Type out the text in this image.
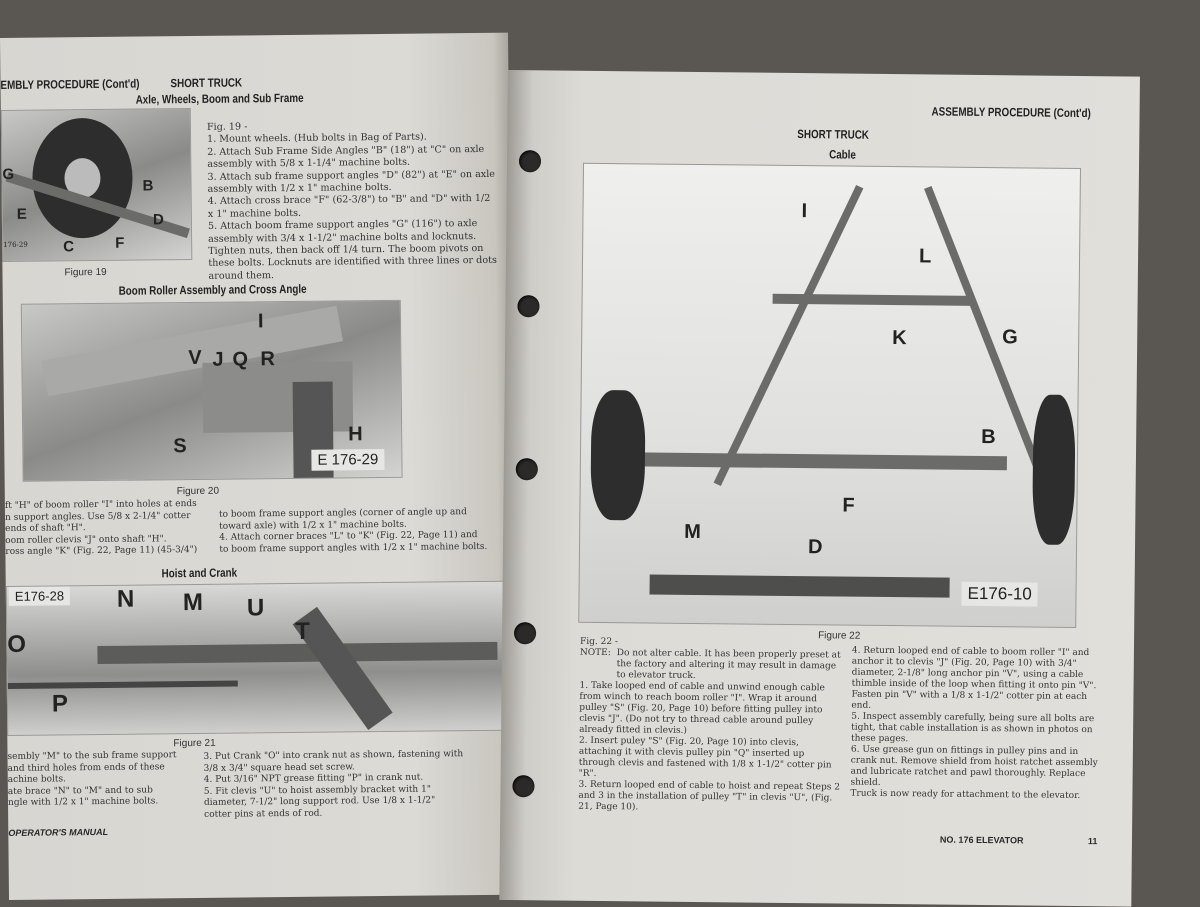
EMBLY PROCEDURE (Cont'd)	SHORT TRUCK
Axle, Wheels, Boom and Sub Frame
G
E
C	F
D
B
176-29
Figure 19
Fig. 19 -
1. Mount wheels. (Hub bolts in Bag of Parts).
2. Attach Sub Frame Side Angles "B" (18") at "C" on axle assembly with 5/8 x 1-1/4" machine bolts.
3. Attach sub frame support angles "D" (82") at "E" on axle assembly with 1/2 x 1" machine bolts.
4. Attach cross brace "F" (62-3/8") to "B" and "D" with 1/2 x 1" machine bolts.
5. Attach boom frame support angles "G" (116") to axle assembly with 3/4 x 1-1/2" machine bolts and locknuts. Tighten nuts, then back off 1/4 turn. The boom pivots on these bolts. Locknuts are identified with three lines or dots around them.
Boom Roller Assembly and Cross Angle
I
V J Q R
S
H
E 176-29
Figure 20
ft "H" of boom roller "I" into holes at ends
n support angles. Use 5/8 x 2-1/4" cotter
ends of shaft "H".
oom roller clevis "J" onto shaft "H".
ross angle "K" (Fig. 22, Page 11) (45-3/4")
to boom frame support angles (corner of angle up and toward axle) with 1/2 x 1" machine bolts.
4. Attach corner braces "L" to "K" (Fig. 22, Page 11) and to boom frame support angles with 1/2 x 1" machine bolts.
Hoist and Crank
E176-28 N M U
T
O
P
Figure 21
sembly "M" to the sub frame support
and third holes from ends of these
achine bolts.
ate brace "N" to "M" and to sub
ngle with 1/2 x 1" machine bolts.
3. Put Crank "O" into crank nut as shown, fastening with 3/8 x 3/4" square head set screw.
4. Put 3/16" NPT grease fitting "P" in crank nut.
5. Fit clevis "U" to hoist assembly bracket with 1" diameter, 7-1/2" long support rod. Use 1/8 x 1-1/2" cotter pins at ends of rod.
OPERATOR'S MANUAL
ASSEMBLY PROCEDURE (Cont'd)
SHORT TRUCK
Cable
I
L
K	G
B
F
M
D
E176-10
Figure 22
Fig. 22 -
NOTE: Do not alter cable. It has been properly preset at the factory and altering it may result in damage to elevator truck.
1. Take looped end of cable and unwind enough cable from winch to reach boom roller "I". Wrap it around pulley "S" (Fig. 20, Page 10) before fitting pulley into clevis "J". (Do not try to thread cable around pulley already fitted in clevis.)
2. Insert puley "S" (Fig. 20, Page 10) into clevis, attaching it with clevis pulley pin "Q" inserted up through clevis and fastened with 1/8 x 1-1/2" cotter pin "R".
3. Return looped end of cable to hoist and repeat Steps 2 and 3 in the installation of pulley "T" in clevis "U", (Fig. 21, Page 10).
4. Return looped end of cable to boom roller "I" and anchor it to clevis "J" (Fig. 20, Page 10) with 3/4" diameter, 2-1/8" long anchor pin "V", using a cable thimble inside of the loop when fitting it onto pin "V". Fasten pin "V" with a 1/8 x 1-1/2" cotter pin at each end.
5. Inspect assembly carefully, being sure all bolts are tight, that cable installation is as shown in photos on these pages.
6. Use grease gun on fittings in pulley pins and in crank nut. Remove shield from hoist ratchet assembly and lubricate ratchet and pawl thoroughly. Replace shield.
Truck is now ready for attachment to the elevator.
NO. 176 ELEVATOR	11
